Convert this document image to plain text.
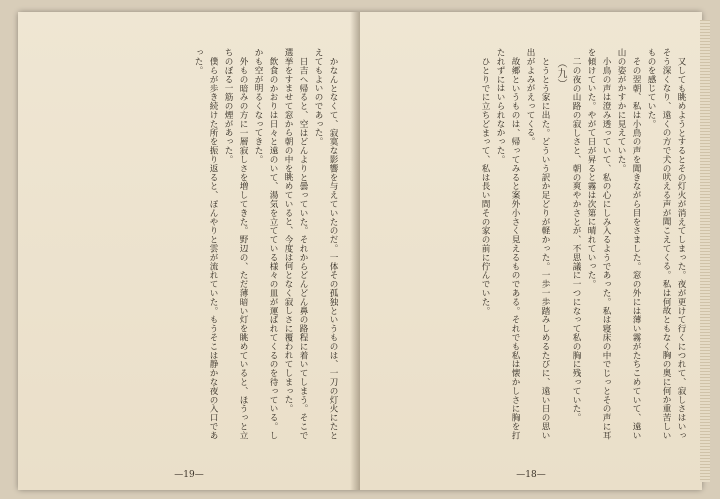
かなんとなくて、寂寞な影響を与えていたのだ。一体その孤独というものは、一刀の灯火にたとえてもよいのであった。

日吉へ帰ると、空はどんよりと曇っていた。それからどんどん鼻の路程に着いてしまう。そこで選挙をすませて窓から朝の中を眺めていると、今度は何となく寂しさに覆われてしまった。

飲食のかおりは日々と遠のいて、湯気を立てている様々の皿が運ばれてくるのを待っている。しかも空が明るくなってきた。

外もの暗みの方に一層寂しさを増してきた。野辺の、ただ薄暗い灯を眺めていると、ほうっと立ちのぼる一筋の煙があった。

僕らが歩き続けた所を振り返ると、ぽんやりと雲が流れていた。もうそこは静かな夜の入口であった。

—19—

又しても眺めようとするとその灯火が消えてしまった。夜が更けて行くにつれて、寂しさはいっそう深くなり、遠くの方で犬の吠える声が聞こえてくる。私は何故ともなく胸の奥に何か重苦しいものを感じていた。

その翌朝、私は小鳥の声を聞きながら目をさました。窓の外には薄い霧がたちこめていて、遠い山の姿がかすかに見えていた。

小鳥の声は澄み透っていて、私の心にしみ入るようであった。私は寝床の中でじっとその声に耳を傾けていた。やがて日が昇ると霧は次第に晴れていった。

二の夜の山路の寂しさと、朝の爽やかさとが、不思議に一つになって私の胸に残っていた。

（九）

とうとう家に出た。どういう訳か足どりが軽かった。一歩一歩踏みしめるたびに、遠い日の思い出がよみがえってくる。

故郷というものは、帰ってみると案外小さく見えるものである。それでも私は懐かしさに胸を打たれずにはいられなかった。

ひとりでに立ちどまって、私は長い間その家の前に佇んでいた。

—18—
